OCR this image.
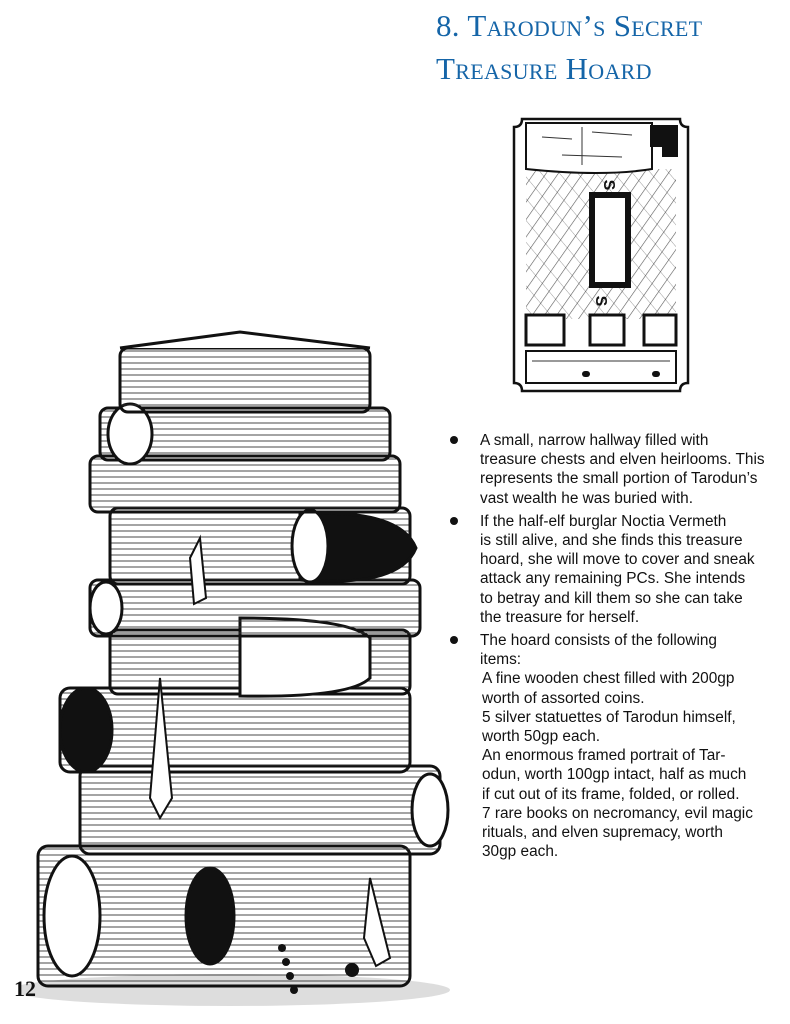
8. Tarodun’s Secret
Treasure Hoard
S
S
A small, narrow hallway filled with
treasure chests and elven heirlooms. This
represents the small portion of Tarodun’s
vast wealth he was buried with.
If the half-elf burglar Noctia Vermeth
is still alive, and she finds this treasure
hoard, she will move to cover and sneak
attack any remaining PCs. She intends
to betray and kill them so she can take
the treasure for herself.
The hoard consists of the following
items:
A fine wooden chest filled with 200gp
worth of assorted coins.
5 silver statuettes of Tarodun himself,
worth 50gp each.
An enormous framed portrait of Tar-
odun, worth 100gp intact, half as much
if cut out of its frame, folded, or rolled.
7 rare books on necromancy, evil magic
rituals, and elven supremacy, worth
30gp each.
12
